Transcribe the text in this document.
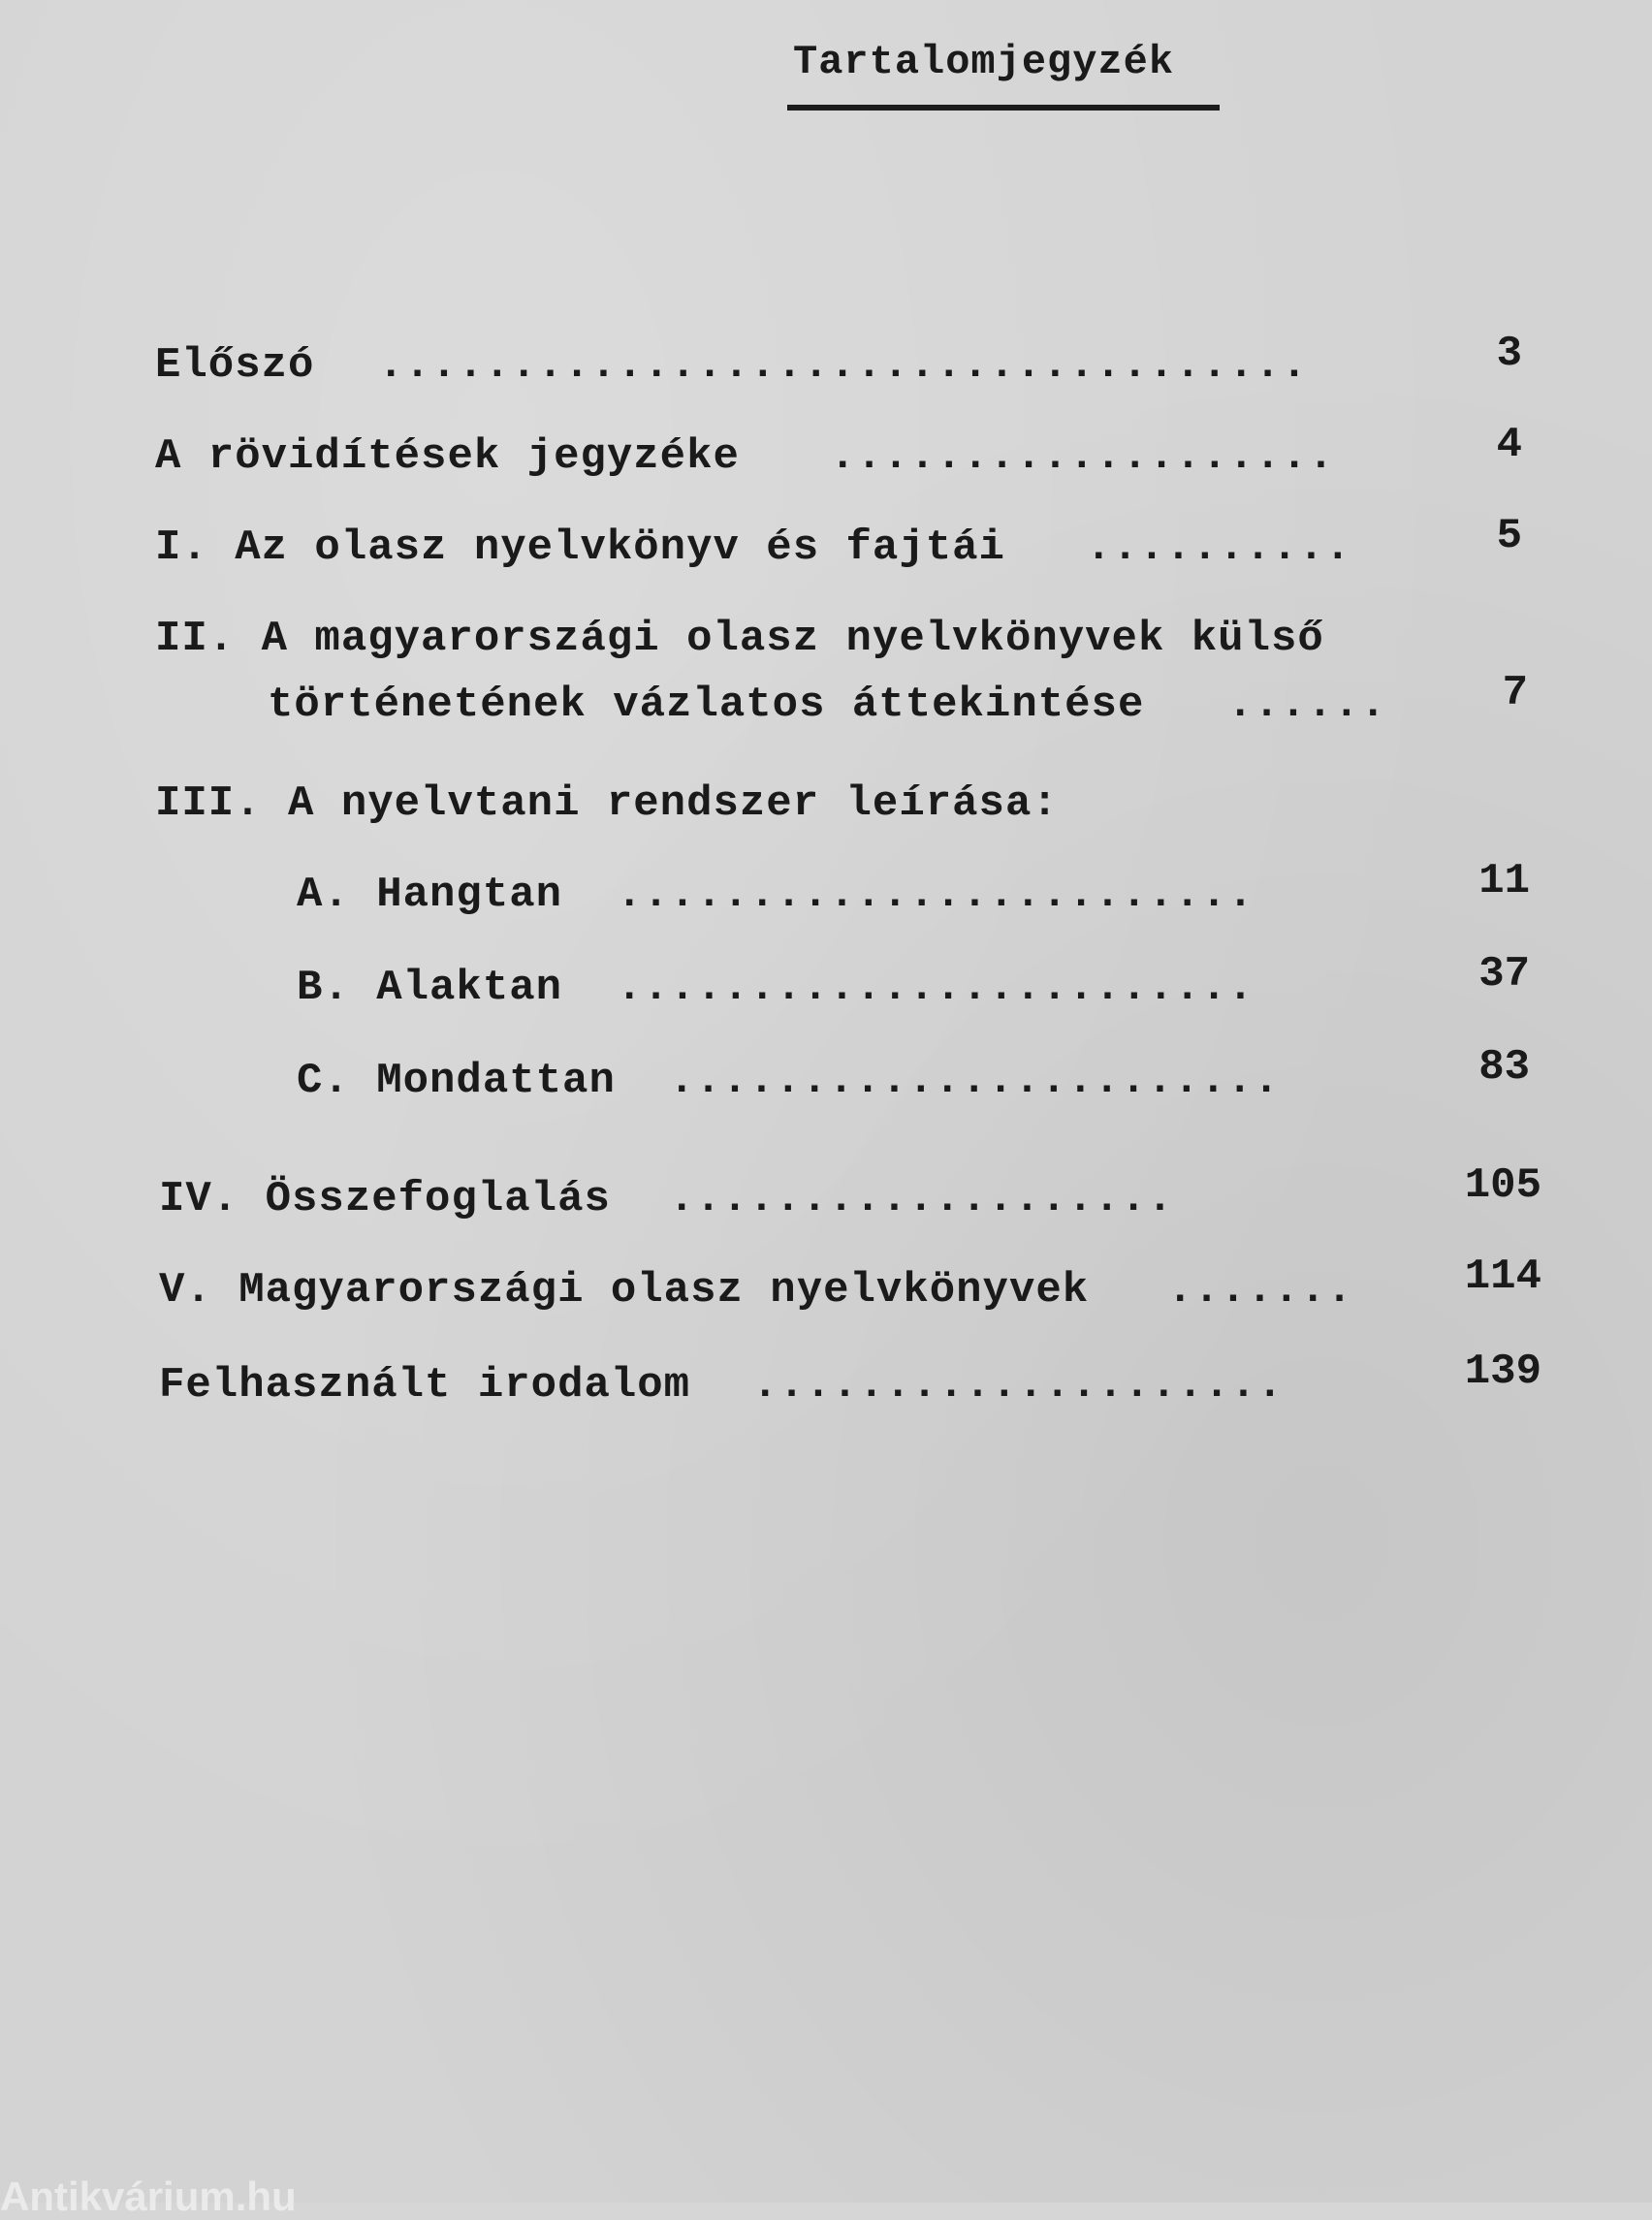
Tartalomjegyzék
Előszó ...................................	3
A rövidítések jegyzéke ...................	4
I. Az olasz nyelvkönyv és fajtái ..........	5
II. A magyarországi olasz nyelvkönyvek külső
történetének vázlatos áttekintése ......	7
III. A nyelvtani rendszer leírása:
A. Hangtan ........................	11
B. Alaktan ........................	37
C. Mondattan .......................	83
IV. Összefoglalás ...................	105
V. Magyarországi olasz nyelvkönyvek .......	114
Felhasznált irodalom ....................	139
Antikvárium.hu
